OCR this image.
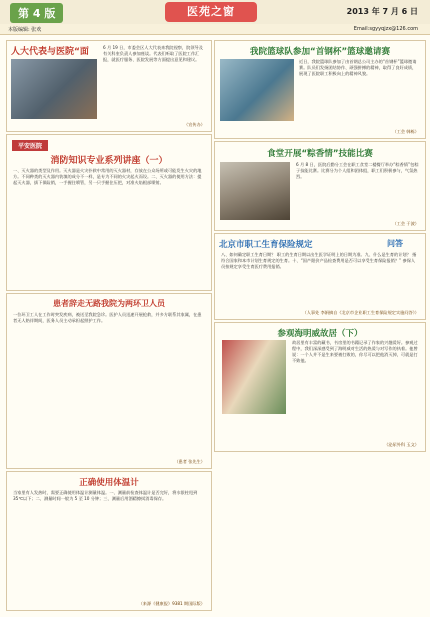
第 4 版	医苑之窗	2013 年 7 月 6 日
本版编辑: 张欢	Email:sgyyqjzx@126.com
人大代表与医院“面	6 月 19 日，市委会区人大代表来我院视察，院领导及有关科室负责人参加座谈。代表们听取了医院工作汇报，就医疗服务、医院发展等方面提出意见和建议。
（宣传办）
我院篮球队参加“首钢杯”篮球邀请赛
近日，我院篮球队参加了由首钢总公司主办的“首钢杯”篮球邀请赛。队员们发扬团结协作、顽强拼搏的精神，取得了良好成绩，展现了医院职工积极向上的精神风貌。
（工会 韩栋）
食堂开展“粽香情”技能比赛
6 月 8 日，医院后勤分工会在职工食堂二楼餐厅举办“粽香情”包粽子技能比赛。比赛分为个人组和团体组，职工们积极参与，气氛热烈。
（工会 于波）
平安医院
消防知识专业系列讲座（一）
一、灭火器的类型及作用。灭火器是火灾扑救中常用的灭火器材，存放在公众场所或可能发生火灾的地方。不同种类的灭火器内装填的成分不一样，是专为不同的火灾起火而设。二、灭火器的使用方法：提起灭火器，拔下保险销，一手握住喷管，另一只手握住压把，对准火焰根部喷射。
北京市职工生育保险规定	问答
八、如何确定职工生育日期？ 职工的生育日期以出生医学证明上的日期为准。九、什么是生育的计划？ 指符合国家和本市计划生育规定的生育。十、“国产限价产品检查费用是否可以享受生育保险报销？” 参保人员按规定享受生育医疗费用报销。
（人事处 李娟摘自《北京市企业职工生育保险规定实施问答》）
患者辞走无路我院为两环卫人员
一位环卫工人在工作时突发疾病，被送至我院急诊。医护人员迅速开展抢救，并多方联系其家属，在患者无人陪伴期间，医务人员主动承担起照护工作。
（患者 张先生）
参观海明威故居（下）
故居里有丰富的藏书，书房里的书籍记录了作家的兴趣爱好。参观过程中，我们深深感受到了海明威对生活的热爱与对写作的执着。他曾说：一个人并不是生来要被打败的，你尽可以把他消灭掉，可就是打不败他。
（泌尿外科 玉文）
正确使用体温计
当家里有人发热时，需要正确使用体温计测量体温。一、测量前检查体温计是否完好，将水银柱甩到 35℃以下；二、测量时间一般为 5 至 10 分钟；三、测量后用酒精擦拭消毒保存。
（来源《健康报》9381 期国际版）
